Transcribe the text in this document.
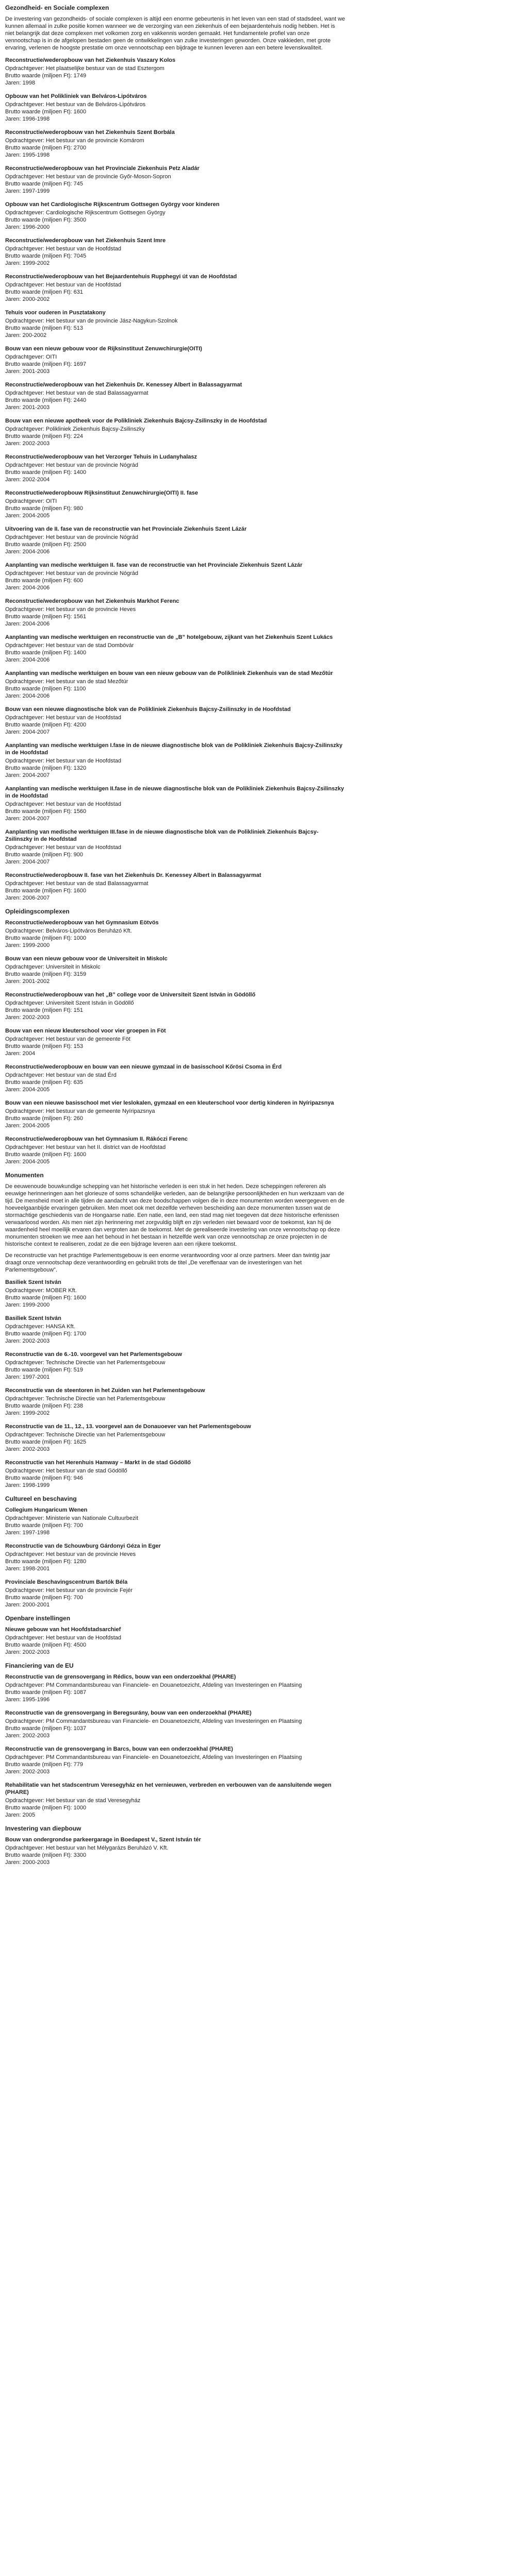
Gezondheid- en Sociale complexen

De investering van gezondheids- of sociale complexen is altijd een enorme gebeurtenis in het leven van een stad of stadsdeel, want we kunnen allemaal in zulke positie komen wanneer we de verzorging van een ziekenhuis of een bejaardentehuis nodig hebben. Het is niet belangrijk dat deze complexen met volkomen zorg en vakkennis worden gemaakt. Het fundamentele profiel van onze vennootschap is in de afgelopen bestaden geen de ontwikkelingen van zulke investeringen geworden. Onze vakkieden, met grote ervaring, verlenen de hoogste prestatie om onze vennootschap een bijdrage te kunnen leveren aan een betere levenskwaliteit.

Reconstructie/wederopbouw van het Ziekenhuis Vaszary Kolos
Opdrachtgever: Het plaatselijke bestuur van de stad Esztergom
Brutto waarde (miljoen Ft): 1749
Jaren: 1998
Opbouw van het Polikliniek van Belváros-Lipótváros
Opdrachtgever: Het bestuur van de Belváros-Lipótváros
Brutto waarde (miljoen Ft): 1600
Jaren: 1996-1998
Reconstructie/wederopbouw van het Ziekenhuis Szent Borbála
Opdrachtgever: Het bestuur van de provincie Komárom
Brutto waarde (miljoen Ft): 2700
Jaren: 1995-1998
Reconstructie/wederopbouw van het Provinciale Ziekenhuis Petz Aladár
Opdrachtgever: Het bestuur van de provincie Győr-Moson-Sopron
Brutto waarde (miljoen Ft): 745
Jaren: 1997-1999
Opbouw van het Cardiologische Rijkscentrum Gottsegen György voor kinderen
Opdrachtgever: Cardiologische Rijkscentrum Gottsegen György
Brutto waarde (miljoen Ft): 3500
Jaren: 1996-2000
Reconstructie/wederopbouw van het Ziekenhuis Szent Imre
Opdrachtgever: Het bestuur van de Hoofdstad
Brutto waarde (miljoen Ft): 7045
Jaren: 1999-2002
Reconstructie/wederopbouw van het Bejaardentehuis Rupphegyi út van de Hoofdstad
Opdrachtgever: Het bestuur van de Hoofdstad
Brutto waarde (miljoen Ft): 631
Jaren: 2000-2002
Tehuis voor ouderen in Pusztatakony
Opdrachtgever: Het bestuur van de provincie Jász-Nagykun-Szolnok
Brutto waarde (miljoen Ft): 513
Jaren: 200-2002
Bouw van een nieuw gebouw voor de Rijksinstituut Zenuwchirurgie(OITI)
Opdrachtgever: OITI
Brutto waarde (miljoen Ft): 1697
Jaren: 2001-2003
Reconstructie/wederopbouw van het Ziekenhuis Dr. Kenessey Albert in Balassagyarmat
Opdrachtgever: Het bestuur van de stad Balassagyarmat
Brutto waarde (miljoen Ft): 2440
Jaren: 2001-2003
Bouw van een nieuwe apotheek voor de Polikliniek Ziekenhuis Bajcsy-Zsilinszky in de Hoofdstad
Opdrachtgever: Polikliniek Ziekenhuis Bajcsy-Zsilinszky
Brutto waarde (miljoen Ft): 224
Jaren: 2002-2003
Reconstructie/wederopbouw van het Verzorger Tehuis in Ludanyhalasz
Opdrachtgever: Het bestuur van de provincie Nógrád
Brutto waarde (miljoen Ft): 1400
Jaren: 2002-2004
Reconstructie/wederopbouw Rijksinstituut Zenuwchirurgie(OITI) II. fase
Opdrachtgever: OITI
Brutto waarde (miljoen Ft): 980
Jaren: 2004-2005
Uitvoering van de II. fase van de reconstructie van het Provinciale Ziekenhuis Szent Lázár
Opdrachtgever: Het bestuur van de provincie Nógrád
Brutto waarde (miljoen Ft): 2500
Jaren: 2004-2006
Aanplanting van medische werktuigen II. fase van de reconstructie van het Provinciale Ziekenhuis Szent Lázár
Opdrachtgever: Het bestuur van de provincie Nógrád
Brutto waarde (miljoen Ft): 600
Jaren: 2004-2006
Reconstructie/wederopbouw van het Ziekenhuis Markhot Ferenc
Opdrachtgever: Het bestuur van de provincie Heves
Brutto waarde (miljoen Ft): 1561
Jaren: 2004-2006
Aanplanting van medische werktuigen en reconstructie van de „B” hotelgebouw, zijkant van het Ziekenhuis Szent Lukács
Opdrachtgever: Het bestuur van de stad Dombóvár
Brutto waarde (miljoen Ft): 1400
Jaren: 2004-2006
Aanplanting van medische werktuigen en bouw van een nieuw gebouw van de Polikliniek Ziekenhuis van de stad Mezőtúr
Opdrachtgever: Het bestuur van de stad Mezőtúr
Brutto waarde (miljoen Ft): 1100
Jaren: 2004-2006
Bouw van een nieuwe diagnostische blok van de Polikliniek Ziekenhuis Bajcsy-Zsilinszky in de Hoofdstad
Opdrachtgever: Het bestuur van de Hoofdstad
Brutto waarde (miljoen Ft): 4200
Jaren: 2004-2007
Aanplanting van medische werktuigen I.fase in de nieuwe diagnostische blok van de Polikliniek Ziekenhuis Bajcsy-Zsilinszky in de Hoofdstad
Opdrachtgever: Het bestuur van de Hoofdstad
Brutto waarde (miljoen Ft): 1320
Jaren: 2004-2007
Aanplanting van medische werktuigen II.fase in de nieuwe diagnostische blok van de Polikliniek Ziekenhuis Bajcsy-Zsilinszky in de Hoofdstad
Opdrachtgever: Het bestuur van de Hoofdstad
Brutto waarde (miljoen Ft): 1560
Jaren: 2004-2007
Aanplanting van medische werktuigen III.fase in de nieuwe diagnostische blok van de Polikliniek Ziekenhuis Bajcsy-Zsilinszky in de Hoofdstad
Opdrachtgever: Het bestuur van de Hoofdstad
Brutto waarde (miljoen Ft): 900
Jaren: 2004-2007
Reconstructie/wederopbouw II. fase van het Ziekenhuis Dr. Kenessey Albert in Balassagyarmat
Opdrachtgever: Het bestuur van de stad Balassagyarmat
Brutto waarde (miljoen Ft): 1600
Jaren: 2006-2007
Opleidingscomplexen
Reconstructie/wederopbouw van het Gymnasium Eötvös
Opdrachtgever: Belváros-Lipótváros Beruházó Kft.
Brutto waarde (miljoen Ft): 1000
Jaren: 1999-2000
Bouw van een nieuw gebouw voor de Universiteit in Miskolc
Opdrachtgever: Universiteit in Miskolc
Brutto waarde (miljoen Ft): 3159
Jaren: 2001-2002
Reconstructie/wederopbouw van het „B” college voor de Universiteit Szent István in Gödöllő
Opdrachtgever: Universiteit Szent István in Gödöllő
Brutto waarde (miljoen Ft): 151
Jaren: 2002-2003
Bouw van een nieuw kleuterschool voor vier groepen in Föt
Opdrachtgever: Het bestuur van de gemeente Föt
Brutto waarde (miljoen Ft): 153
Jaren: 2004
Reconstructie/wederopbouw en bouw van een nieuwe gymzaal in de basisschool Kőrösi Csoma in Érd
Opdrachtgever: Het bestuur van de stad Érd
Brutto waarde (miljoen Ft): 635
Jaren: 2004-2005
Bouw van een nieuwe basisschool met vier leslokalen, gymzaal en een kleuterschool voor dertig kinderen in Nyíripazsnya
Opdrachtgever: Het bestuur van de gemeente Nyíripazsnya
Brutto waarde (miljoen Ft): 260
Jaren: 2004-2005
Reconstructie/wederopbouw van het Gymnasium II. Rákóczi Ferenc
Opdrachtgever: Het bestuur van het II. district van de Hoofdstad
Brutto waarde (miljoen Ft): 1600
Jaren: 2004-2005
Monumenten

De eeuwenoude bouwkundige schepping van het historische verleden is een stuk in het heden. Deze scheppingen refereren als eeuwige herinneringen aan het glorieuze of soms schandelijke verleden, aan de belangrijke persoonlijkheden en hun werkzaam van de tijd. De mensheid moet in alle tijden de aandacht van deze boodschappen volgen die in deze monumenten worden weergegeven en de hoeveelgaanbijde ervaringen gebruiken. Men moet ook met dezelfde verheven bescheiding aan deze monumenten tussen wat de stormachtige geschiedenis van de Hongaarse natie. Een natie, een land, een stad mag niet toegeven dat deze historische erfenissen verwaarloosd worden. Als men niet zijn herinnering met zorgvuldig blijft en zijn verleden niet bewaard voor de toekomst, kan hij de waardenheid heel moeilijk ervaren dan vergroten aan de toekomst. Met de gerealiseerde investering van onze vennootschap op deze monumenten stroeken we mee aan het behoud in het bestaan in hetzelfde werk van onze vennootschap ze onze projecten in de historische context te realiseren, zodat ze die een bijdrage leveren aan een rijkere toekomst.

De reconstructie van het prachtige Parlementsgebouw is een enorme verantwoording voor al onze partners. Meer dan twintig jaar draagt onze vennootschap deze verantwoording en gebruikt trots de titel „De vereffenaar van de investeringen van het Parlementsgebouw”.

Basiliek Szent István
Opdrachtgever: MOBER Kft.
Brutto waarde (miljoen Ft): 1600
Jaren: 1999-2000
Basiliek Szent István
Opdrachtgever: HANSA Kft.
Brutto waarde (miljoen Ft): 1700
Jaren: 2002-2003
Reconstructie van de 6.-10. voorgevel van het Parlementsgebouw
Opdrachtgever: Technische Directie van het Parlementsgebouw
Brutto waarde (miljoen Ft): 519
Jaren: 1997-2001
Reconstructie van de steentoren in het Zuiden van het Parlementsgebouw
Opdrachtgever: Technische Directie van het Parlementsgebouw
Brutto waarde (miljoen Ft): 238
Jaren: 1999-2002
Reconstructie van de 11., 12., 13. voorgevel aan de Donauoever van het Parlementsgebouw
Opdrachtgever: Technische Directie van het Parlementsgebouw
Brutto waarde (miljoen Ft): 1625
Jaren: 2002-2003
Reconstructie van het Herenhuis Hamway – Markt in de stad Gödöllő
Opdrachtgever: Het bestuur van de stad Gödöllő
Brutto waarde (miljoen Ft): 946
Jaren: 1998-1999
Cultureel en beschaving
Collegium Hungaricum Wenen
Opdrachtgever: Ministerie van Nationale Cultuurbezit
Brutto waarde (miljoen Ft): 700
Jaren: 1997-1998
Reconstructie van de Schouwburg Gárdonyi Géza in Eger
Opdrachtgever: Het bestuur van de provincie Heves
Brutto waarde (miljoen Ft): 1280
Jaren: 1998-2001
Provinciale Beschavingscentrum Bartók Béla
Opdrachtgever: Het bestuur van de provincie Fejér
Brutto waarde (miljoen Ft): 700
Jaren: 2000-2001
Openbare instellingen
Nieuwe gebouw van het Hoofdstadsarchief
Opdrachtgever: Het bestuur van de Hoofdstad
Brutto waarde (miljoen Ft): 4500
Jaren: 2002-2003
Financiering van de EU
Reconstructie van de grensovergang in Rédics, bouw van een onderzoekhal (PHARE)
Opdrachtgever: PM Commandantsbureau van Financiele- en Douanetoezicht, Afdeling van Investeringen en Plaatsing
Brutto waarde (miljoen Ft): 1087
Jaren: 1995-1996
Reconstructie van de grensovergang in Beregsurány, bouw van een onderzoekhal (PHARE)
Opdrachtgever: PM Commandantsbureau van Financiele- en Douanetoezicht, Afdeling van Investeringen en Plaatsing
Brutto waarde (miljoen Ft): 1037
Jaren: 2002-2003
Reconstructie van de grensovergang in Barcs, bouw van een onderzoekhal (PHARE)
Opdrachtgever: PM Commandantsbureau van Financiele- en Douanetoezicht, Afdeling van Investeringen en Plaatsing
Brutto waarde (miljoen Ft): 779
Jaren: 2002-2003
Rehabilitatie van het stadscentrum Veresegyház en het vernieuwen, verbreden en verbouwen van de aansluitende wegen (PHARE)
Opdrachtgever: Het bestuur van de stad Veresegyház
Brutto waarde (miljoen Ft): 1000
Jaren: 2005
Investering van diepbouw
Bouw van ondergrondse parkeergarage in Boedapest V., Szent István tér
Opdrachtgever: Het bestuur van het Mélygarázs Beruházó V. Kft.
Brutto waarde (miljoen Ft): 3300
Jaren: 2000-2003
